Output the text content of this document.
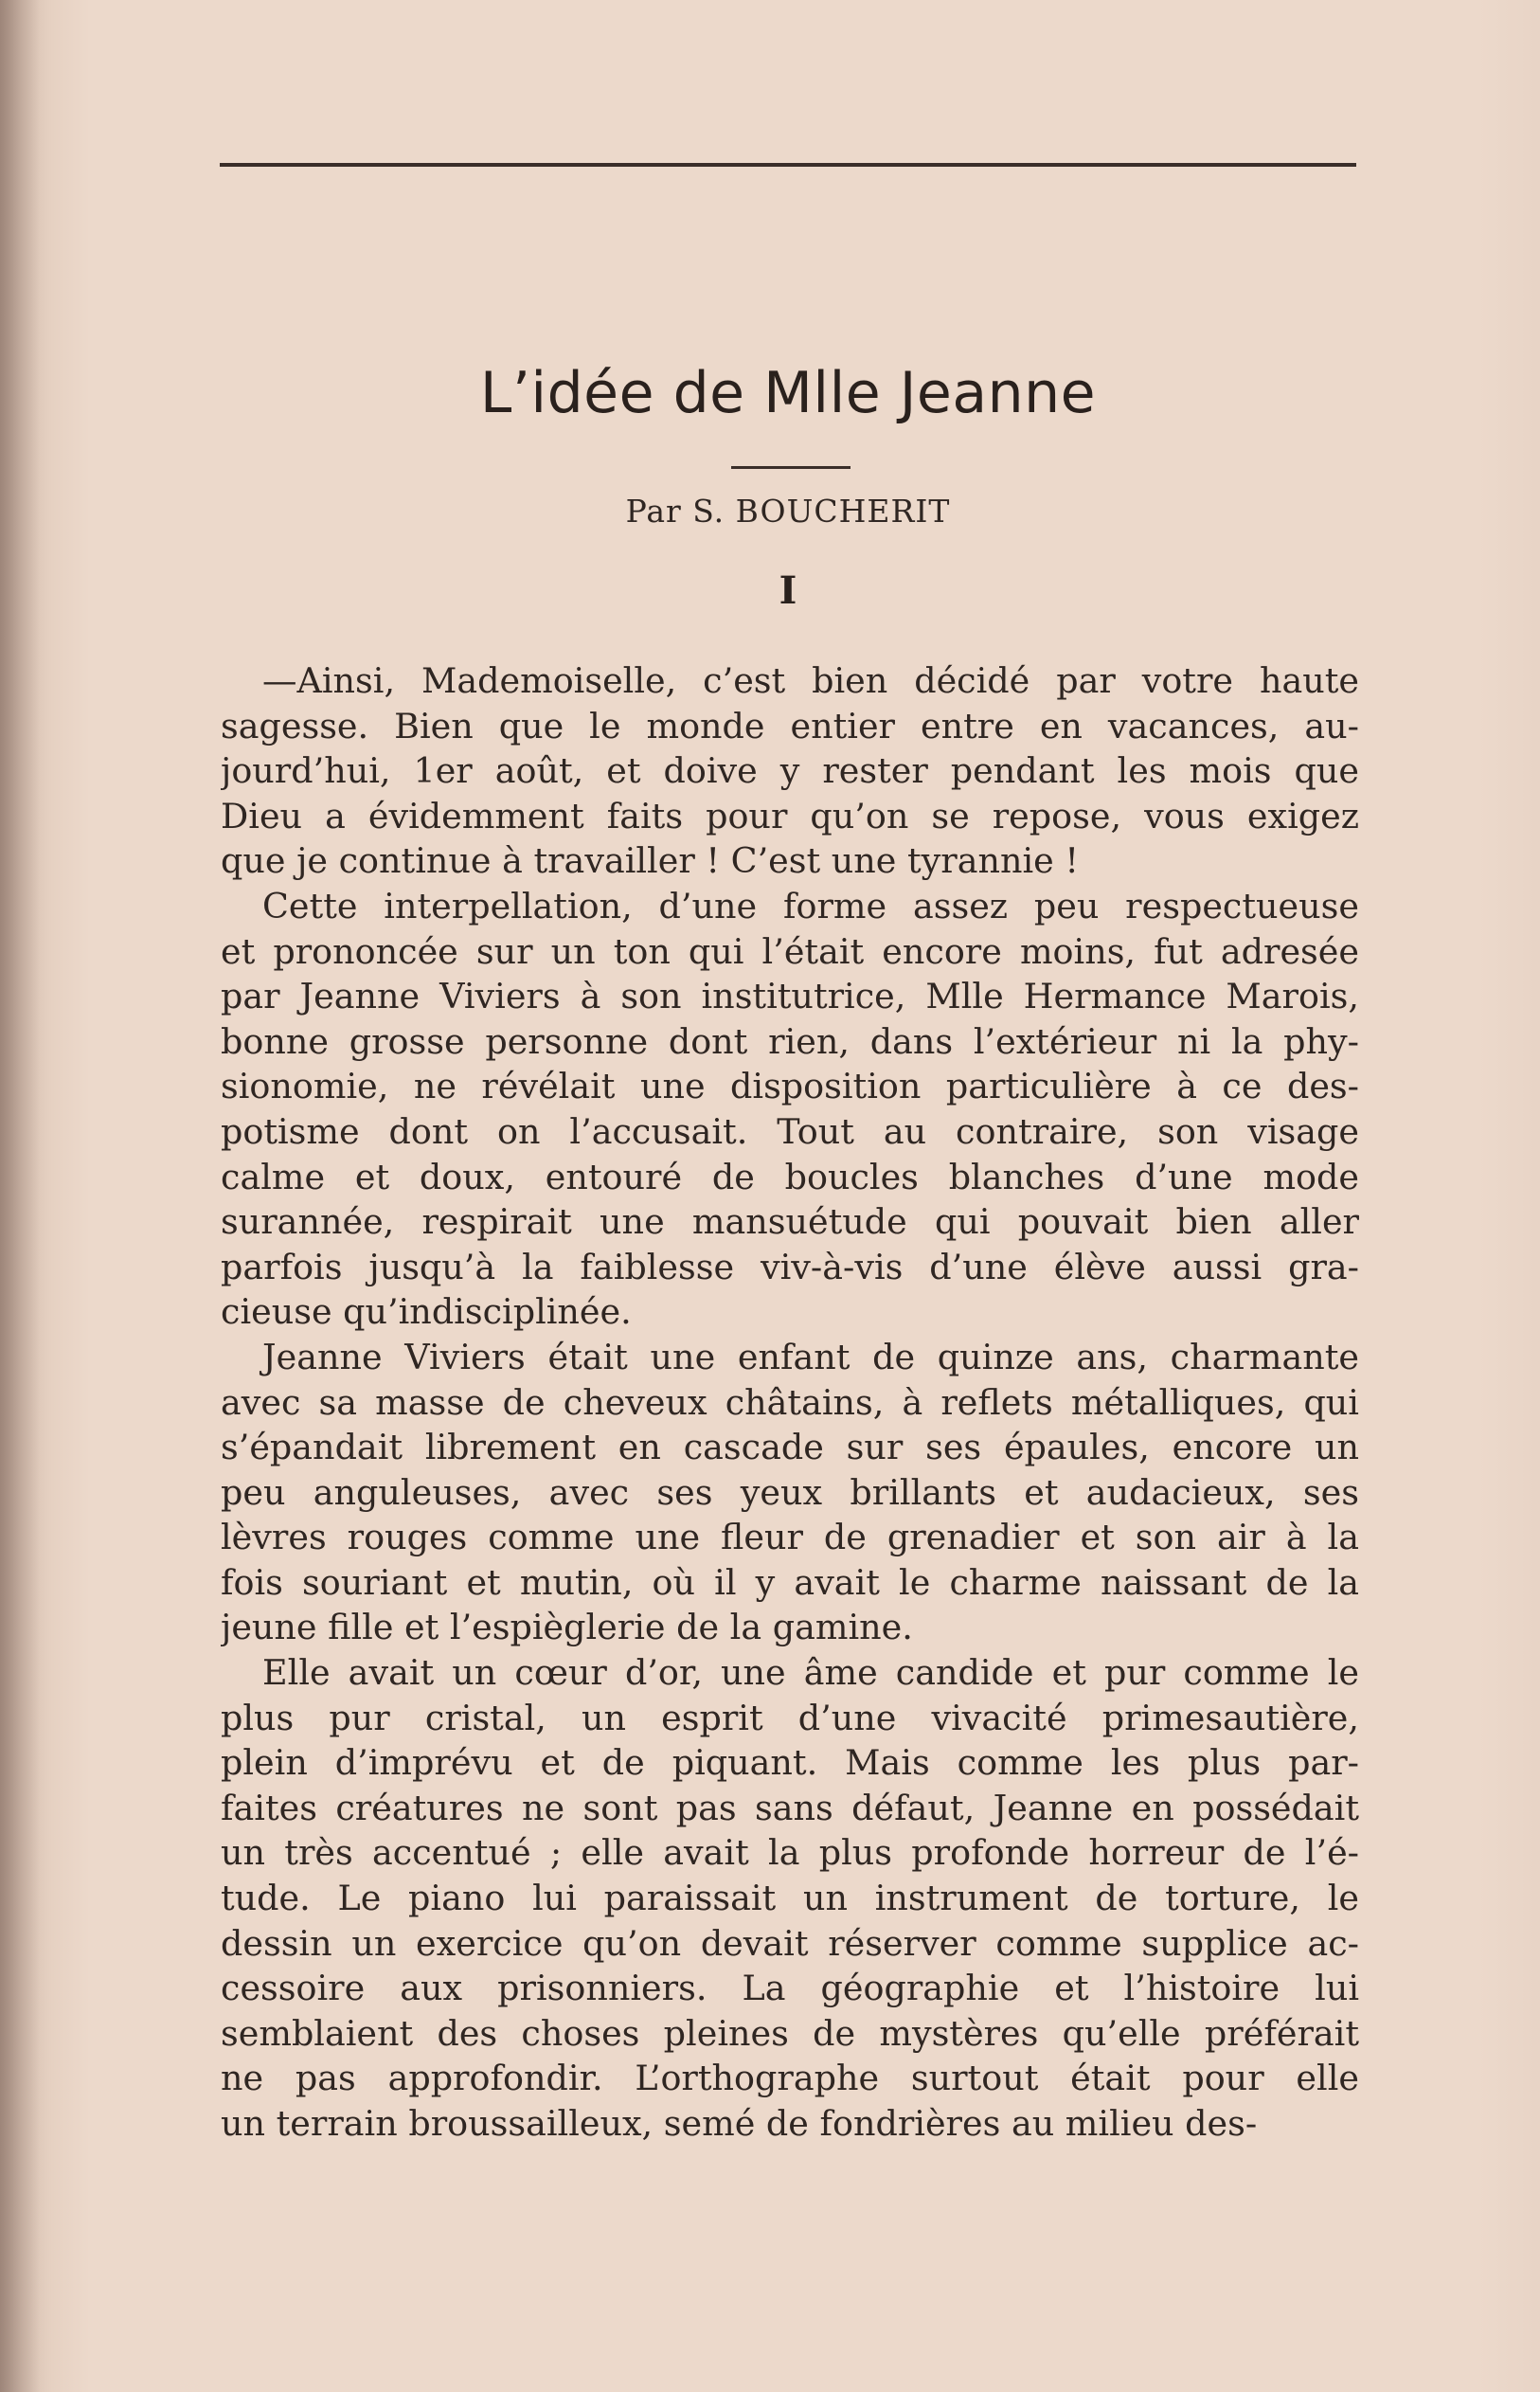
L’idée de Mlle Jeanne
Par S. BOUCHERIT
I
—Ainsi, Mademoiselle, c’est bien décidé par votre haute
sagesse. Bien que le monde entier entre en vacances, au-
jourd’hui, 1er août, et doive y rester pendant les mois que
Dieu a évidemment faits pour qu’on se repose, vous exigez
que je continue à travailler ! C’est une tyrannie !
Cette interpellation, d’une forme assez peu respectueuse
et prononcée sur un ton qui l’était encore moins, fut adresée
par Jeanne Viviers à son institutrice, Mlle Hermance Marois,
bonne grosse personne dont rien, dans l’extérieur ni la phy-
sionomie, ne révélait une disposition particulière à ce des-
potisme dont on l’accusait. Tout au contraire, son visage
calme et doux, entouré de boucles blanches d’une mode
surannée, respirait une mansuétude qui pouvait bien aller
parfois jusqu’à la faiblesse viv-à-vis d’une élève aussi gra-
cieuse qu’indisciplinée.
Jeanne Viviers était une enfant de quinze ans, charmante
avec sa masse de cheveux châtains, à reflets métalliques, qui
s’épandait librement en cascade sur ses épaules, encore un
peu anguleuses, avec ses yeux brillants et audacieux, ses
lèvres rouges comme une fleur de grenadier et son air à la
fois souriant et mutin, où il y avait le charme naissant de la
jeune fille et l’espièglerie de la gamine.
Elle avait un cœur d’or, une âme candide et pur comme le
plus pur cristal, un esprit d’une vivacité primesautière,
plein d’imprévu et de piquant. Mais comme les plus par-
faites créatures ne sont pas sans défaut, Jeanne en possédait
un très accentué ; elle avait la plus profonde horreur de l’é-
tude. Le piano lui paraissait un instrument de torture, le
dessin un exercice qu’on devait réserver comme supplice ac-
cessoire aux prisonniers. La géographie et l’histoire lui
semblaient des choses pleines de mystères qu’elle préférait
ne pas approfondir. L’orthographe surtout était pour elle
un terrain broussailleux, semé de fondrières au milieu des-
